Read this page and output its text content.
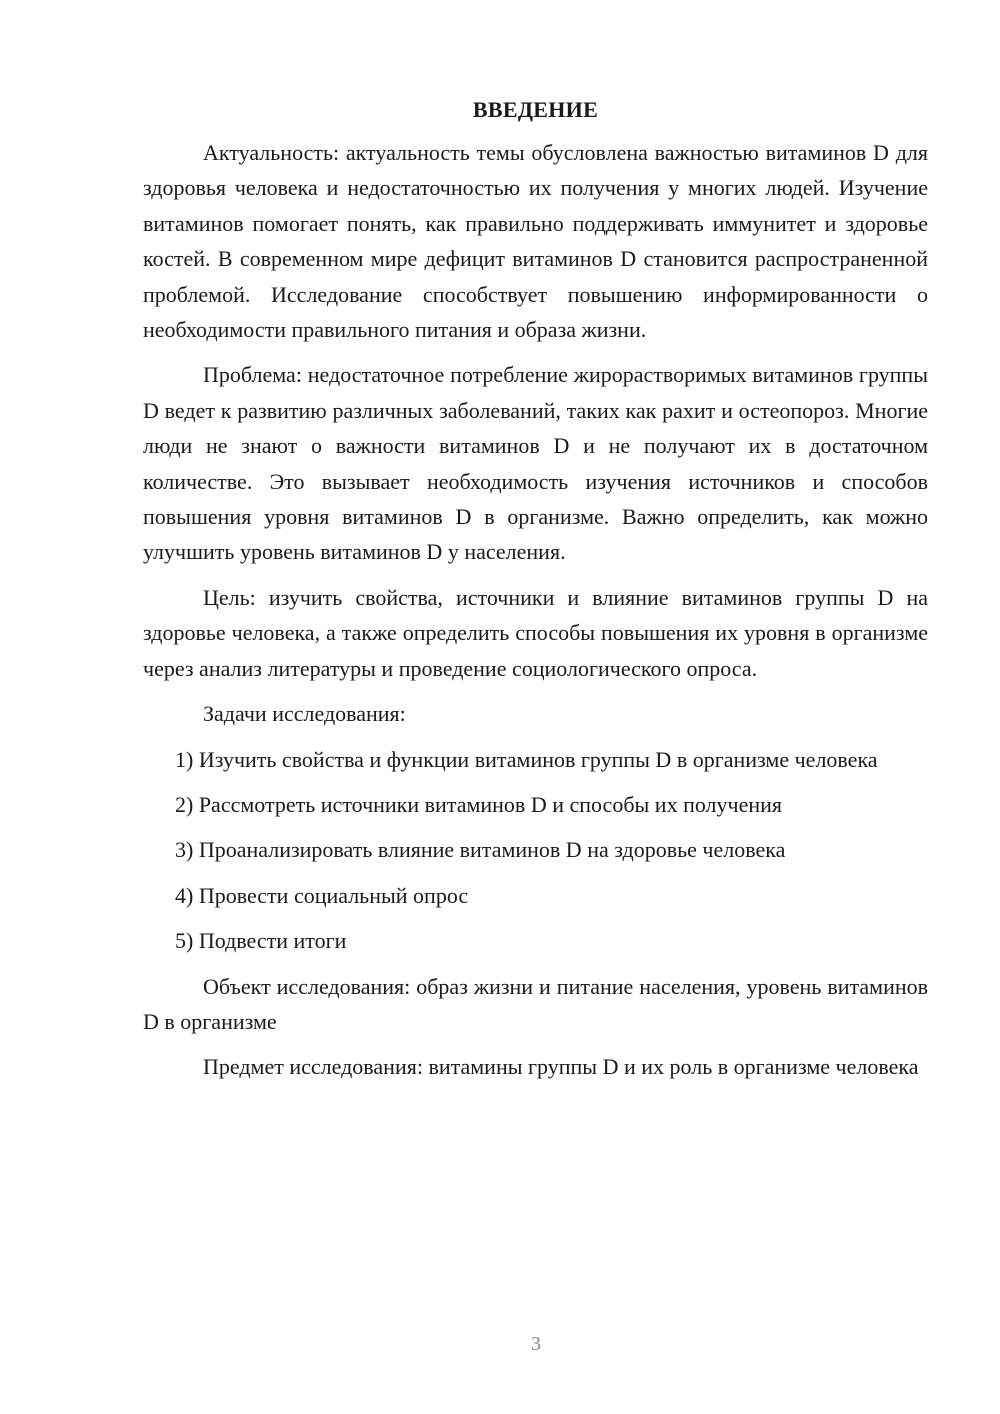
ВВЕДЕНИЕ

Актуальность: актуальность темы обусловлена важностью витаминов D для здоровья человека и недостаточностью их получения у многих людей. Изучение витаминов помогает понять, как правильно поддерживать иммунитет и здоровье костей. В современном мире дефицит витаминов D становится распространенной проблемой. Исследование способствует повышению информированности о необходимости правильного питания и образа жизни.

Проблема: недостаточное потребление жирорастворимых витаминов группы D ведет к развитию различных заболеваний, таких как рахит и остеопороз. Многие люди не знают о важности витаминов D и не получают их в достаточном количестве. Это вызывает необходимость изучения источников и способов повышения уровня витаминов D в организме. Важно определить, как можно улучшить уровень витаминов D у населения.

Цель: изучить свойства, источники и влияние витаминов группы D на здоровье человека, а также определить способы повышения их уровня в организме через анализ литературы и проведение социологического опроса.

Задачи исследования:

1) Изучить свойства и функции витаминов группы D в организме человека

2) Рассмотреть источники витаминов D и способы их получения

3) Проанализировать влияние витаминов D на здоровье человека

4) Провести социальный опрос

5) Подвести итоги

Объект исследования: образ жизни и питание населения, уровень витаминов D в организме

Предмет исследования: витамины группы D и их роль в организме человека

3
